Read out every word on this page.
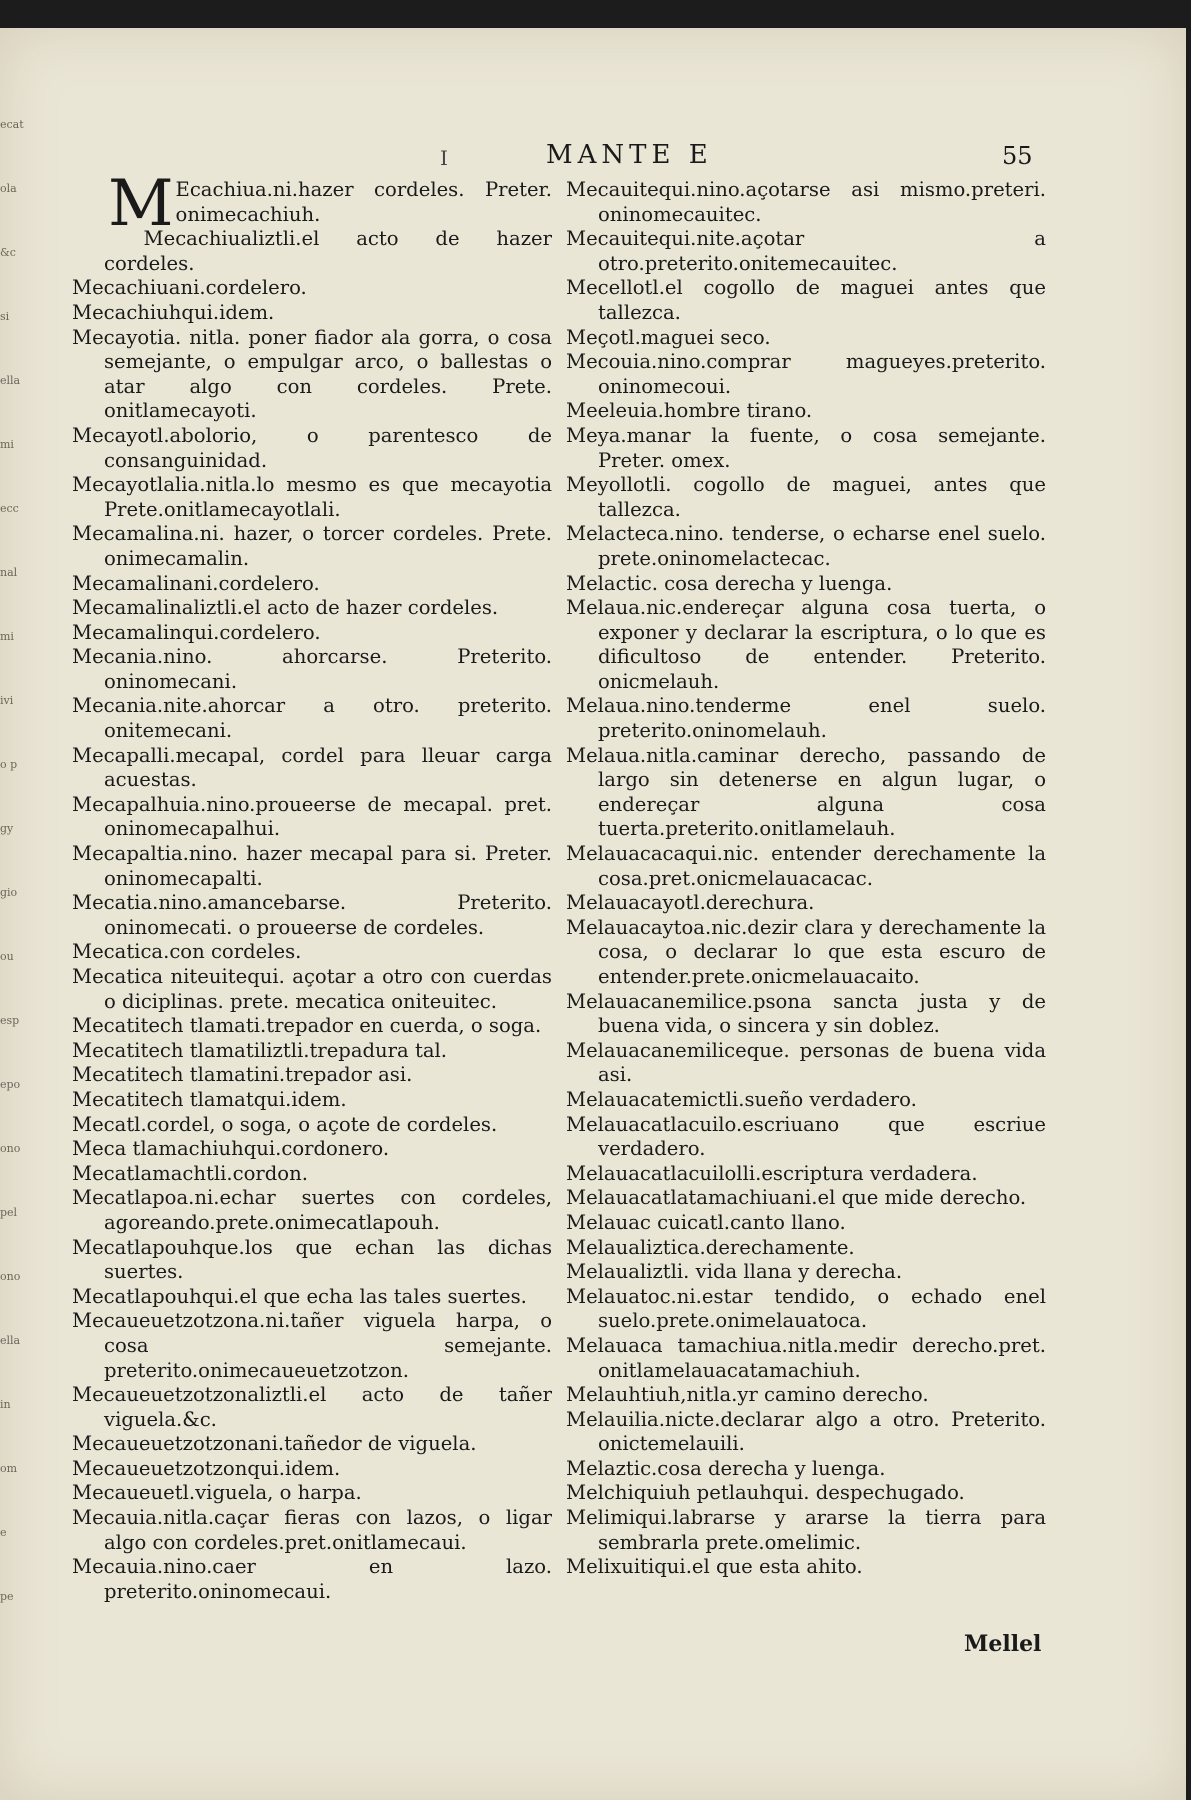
ecat
ola
&c
si
ella
mi
ecc
nal
mi
ivi
o p
gy
gio
ou
esp
epo
ono
pel
ono
ella
in
om
e
pe
I	MANTE E	55

M Ecachiua.ni.hazer cordeles. Preter. onimecachiuh.

Mecachiualiztli.el acto de hazer cordeles.

Mecachiuani.cordelero.

Mecachiuhqui.idem.

Mecayotia. nitla. poner fiador ala gorra, o cosa semejante, o empulgar arco, o ballestas o atar algo con cordeles. Prete. onitlamecayoti.

Mecayotl.abolorio, o parentesco de consanguinidad.

Mecayotlalia.nitla.lo mesmo es que mecayotia Prete.onitlamecayotlali.

Mecamalina.ni. hazer, o torcer cordeles. Prete. onimecamalin.

Mecamalinani.cordelero.

Mecamalinaliztli.el acto de hazer cordeles.

Mecamalinqui.cordelero.

Mecania.nino. ahorcarse. Preterito. oninomecani.

Mecania.nite.ahorcar a otro. preterito. onitemecani.

Mecapalli.mecapal, cordel para lleuar carga acuestas.

Mecapalhuia.nino.proueerse de mecapal. pret. oninomecapalhui.

Mecapaltia.nino. hazer mecapal para si. Preter. oninomecapalti.

Mecatia.nino.amancebarse. Preterito. oninomecati. o proueerse de cordeles.

Mecatica.con cordeles.

Mecatica niteuitequi. açotar a otro con cuerdas o diciplinas. prete. mecatica oniteuitec.

Mecatitech tlamati.trepador en cuerda, o soga.

Mecatitech tlamatiliztli.trepadura tal.

Mecatitech tlamatini.trepador asi.

Mecatitech tlamatqui.idem.

Mecatl.cordel, o soga, o açote de cordeles.

Meca tlamachiuhqui.cordonero.

Mecatlamachtli.cordon.

Mecatlapoa.ni.echar suertes con cordeles, agoreando.prete.onimecatlapouh.

Mecatlapouhque.los que echan las dichas suertes.

Mecatlapouhqui.el que echa las tales suertes.

Mecaueuetzotzona.ni.tañer viguela harpa, o cosa semejante. preterito.onimecaueuetzotzon.

Mecaueuetzotzonaliztli.el acto de tañer viguela.&c.

Mecaueuetzotzonani.tañedor de viguela.

Mecaueuetzotzonqui.idem.

Mecaueuetl.viguela, o harpa.

Mecauia.nitla.caçar fieras con lazos, o ligar algo con cordeles.pret.onitlamecaui.

Mecauia.nino.caer en lazo. preterito.oninomecaui.

Mecauitequi.nino.açotarse asi mismo.preteri. oninomecauitec.

Mecauitequi.nite.açotar a otro.preterito.onitemecauitec.

Mecellotl.el cogollo de maguei antes que tallezca.

Meçotl.maguei seco.

Mecouia.nino.comprar magueyes.preterito. oninomecoui.

Meeleuia.hombre tirano.

Meya.manar la fuente, o cosa semejante. Preter. omex.

Meyollotli. cogollo de maguei, antes que tallezca.

Melacteca.nino. tenderse, o echarse enel suelo. prete.oninomelactecac.

Melactic. cosa derecha y luenga.

Melaua.nic.endereçar alguna cosa tuerta, o exponer y declarar la escriptura, o lo que es dificultoso de entender. Preterito. onicmelauh.

Melaua.nino.tenderme enel suelo. preterito.oninomelauh.

Melaua.nitla.caminar derecho, passando de largo sin detenerse en algun lugar, o endereçar alguna cosa tuerta.preterito.onitlamelauh.

Melauacacaqui.nic. entender derechamente la cosa.pret.onicmelauacacac.

Melauacayotl.derechura.

Melauacaytoa.nic.dezir clara y derechamente la cosa, o declarar lo que esta escuro de entender.prete.onicmelauacaito.

Melauacanemilice.psona sancta justa y de buena vida, o sincera y sin doblez.

Melauacanemiliceque. personas de buena vida asi.

Melauacatemictli.sueño verdadero.

Melauacatlacuilo.escriuano que escriue verdadero.

Melauacatlacuilolli.escriptura verdadera.

Melauacatlatamachiuani.el que mide derecho.

Melauac cuicatl.canto llano.

Melaualiztica.derechamente.

Melaualiztli. vida llana y derecha.

Melauatoc.ni.estar tendido, o echado enel suelo.prete.onimelauatoca.

Melauaca tamachiua.nitla.medir derecho.pret. onitlamelauacatamachiuh.

Melauhtiuh,nitla.yr camino derecho.

Melauilia.nicte.declarar algo a otro. Preterito. onictemelauili.

Melaztic.cosa derecha y luenga.

Melchiquiuh petlauhqui. despechugado.

Melimiqui.labrarse y ararse la tierra para sembrarla prete.omelimic.

Melixuitiqui.el que esta ahito.

Mellel
